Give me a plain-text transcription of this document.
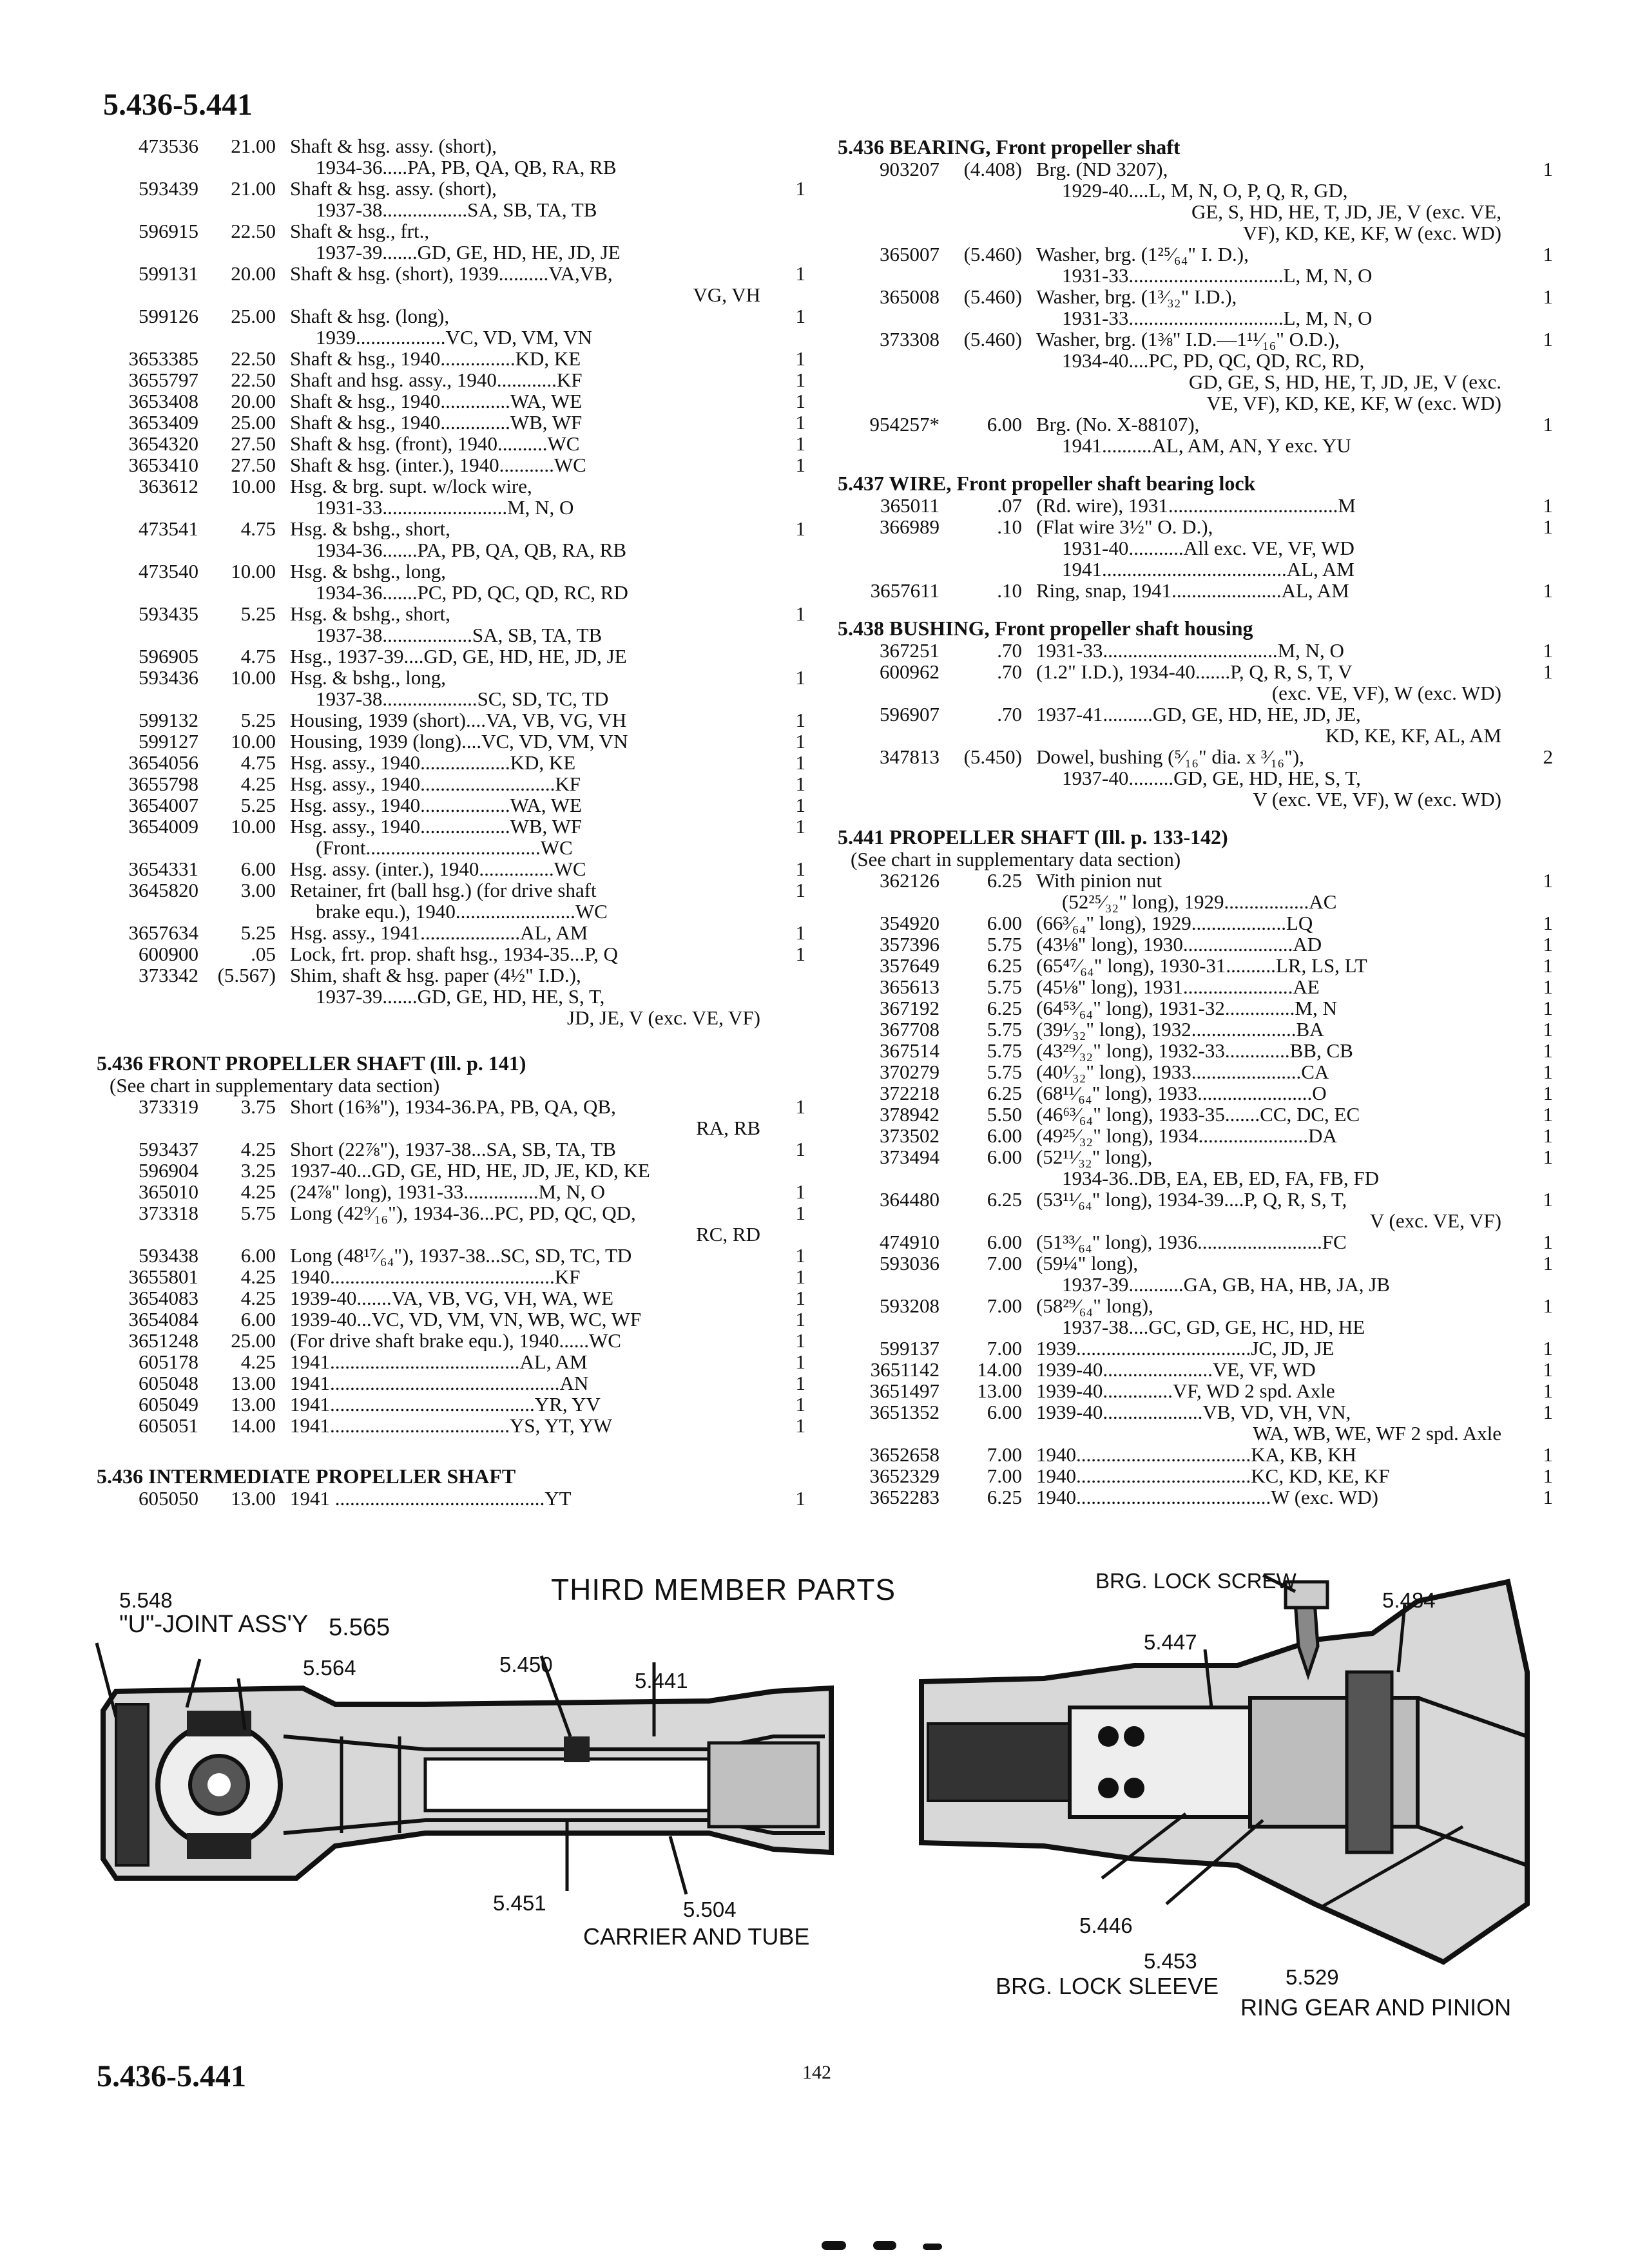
5.436-5.441
473536	21.00 Shaft & hsg. assy. (short),
1934-36.....PA, PB, QA, QB, RA, RB
593439	21.00 Shaft & hsg. assy. (short),
1937-38.................SA, SB, TA, TB
1
596915	22.50 Shaft & hsg., frt.,
1937-39.......GD, GE, HD, HE, JD, JE
599131	20.00 Shaft & hsg. (short), 1939..........VA,VB,
VG, VH
1
599126	25.00 Shaft & hsg. (long),
1939..................VC, VD, VM, VN
1
3653385	22.50 Shaft & hsg., 1940...............KD, KE	1
3655797	22.50 Shaft and hsg. assy., 1940............KF	1
3653408	20.00 Shaft & hsg., 1940..............WA, WE	1
3653409	25.00 Shaft & hsg., 1940..............WB, WF	1
3654320	27.50 Shaft & hsg. (front), 1940..........WC	1
3653410	27.50 Shaft & hsg. (inter.), 1940...........WC	1
363612	10.00 Hsg. & brg. supt. w/lock wire,
1931-33.........................M, N, O
473541	4.75 Hsg. & bshg., short,
1934-36.......PA, PB, QA, QB, RA, RB
1
473540	10.00 Hsg. & bshg., long,
1934-36.......PC, PD, QC, QD, RC, RD
593435	5.25 Hsg. & bshg., short,
1937-38..................SA, SB, TA, TB
1
596905	4.75 Hsg., 1937-39....GD, GE, HD, HE, JD, JE
593436	10.00 Hsg. & bshg., long,
1937-38...................SC, SD, TC, TD
1
599132	5.25 Housing, 1939 (short)....VA, VB, VG, VH	1
599127	10.00 Housing, 1939 (long)....VC, VD, VM, VN	1
3654056	4.75 Hsg. assy., 1940..................KD, KE	1
3655798	4.25 Hsg. assy., 1940...........................KF	1
3654007	5.25 Hsg. assy., 1940..................WA, WE	1
3654009	10.00 Hsg. assy., 1940..................WB, WF
(Front...................................WC
1
3654331	6.00 Hsg. assy. (inter.), 1940...............WC	1
3645820	3.00 Retainer, frt (ball hsg.) (for drive shaft
brake equ.), 1940........................WC
1
3657634	5.25 Hsg. assy., 1941....................AL, AM	1
600900	.05 Lock, frt. prop. shaft hsg., 1934-35...P, Q	1
373342 (5.567) Shim, shaft & hsg. paper (4½" I.D.),
1937-39.......GD, GE, HD, HE, S, T,
JD, JE, V (exc. VE, VF)
5.436 FRONT PROPELLER SHAFT (Ill. p. 141)
(See chart in supplementary data section)
373319	3.75 Short (16⅜"), 1934-36.PA, PB, QA, QB,
RA, RB
1
593437	4.25 Short (22⅞"), 1937-38...SA, SB, TA, TB	1
596904	3.25 1937-40...GD, GE, HD, HE, JD, JE, KD, KE
365010	4.25 (24⅞" long), 1931-33...............M, N, O	1
373318	5.75 Long (42⁹⁄₁₆"), 1934-36...PC, PD, QC, QD,
RC, RD
1
593438	6.00 Long (48¹⁷⁄₆₄"), 1937-38...SC, SD, TC, TD	1
3655801	4.25 1940.............................................KF	1
3654083	4.25 1939-40.......VA, VB, VG, VH, WA, WE	1
3654084	6.00 1939-40...VC, VD, VM, VN, WB, WC, WF	1
3651248	25.00 (For drive shaft brake equ.), 1940......WC	1
605178	4.25 1941......................................AL, AM	1
605048	13.00 1941..............................................AN	1
605049	13.00 1941.........................................YR, YV	1
605051	14.00 1941....................................YS, YT, YW	1
5.436 INTERMEDIATE PROPELLER SHAFT
605050	13.00 1941 ..........................................YT	1
5.436 BEARING, Front propeller shaft
903207	(4.408) Brg. (ND 3207),
1929-40....L, M, N, O, P, Q, R, GD,
GE, S, HD, HE, T, JD, JE, V (exc. VE,
VF), KD, KE, KF, W (exc. WD)
1
365007	(5.460) Washer, brg. (1²⁵⁄₆₄" I. D.),
1931-33...............................L, M, N, O
1
365008	(5.460) Washer, brg. (1³⁄₃₂" I.D.),
1931-33...............................L, M, N, O
1
373308	(5.460) Washer, brg. (1⅜" I.D.—1¹¹⁄₁₆" O.D.),
1934-40....PC, PD, QC, QD, RC, RD,
GD, GE, S, HD, HE, T, JD, JE, V (exc.
VE, VF), KD, KE, KF, W (exc. WD)
1
954257*	6.00 Brg. (No. X-88107),
1941..........AL, AM, AN, Y exc. YU
1
5.437 WIRE, Front propeller shaft bearing lock
365011	.07 (Rd. wire), 1931..................................M	1
366989	.10 (Flat wire 3½" O. D.),
1931-40...........All exc. VE, VF, WD
1941.....................................AL, AM
1
3657611	.10 Ring, snap, 1941......................AL, AM	1
5.438 BUSHING, Front propeller shaft housing
367251	.70 1931-33...................................M, N, O	1
600962	.70 (1.2" I.D.), 1934-40.......P, Q, R, S, T, V
(exc. VE, VF), W (exc. WD)
1
596907	.70 1937-41..........GD, GE, HD, HE, JD, JE,
KD, KE, KF, AL, AM
347813	(5.450) Dowel, bushing (⁵⁄₁₆" dia. x ³⁄₁₆"),
1937-40.........GD, GE, HD, HE, S, T,
V (exc. VE, VF), W (exc. WD)
2
5.441 PROPELLER SHAFT (Ill. p. 133-142)
(See chart in supplementary data section)
362126	6.25 With pinion nut
(52²⁵⁄₃₂" long), 1929.................AC
1
354920	6.00 (66³⁄₆₄" long), 1929...................LQ	1
357396	5.75 (43⅛" long), 1930......................AD	1
357649	6.25 (65⁴⁷⁄₆₄" long), 1930-31..........LR, LS, LT	1
365613	5.75 (45⅛" long), 1931......................AE	1
367192	6.25 (64⁵³⁄₆₄" long), 1931-32..............M, N	1
367708	5.75 (39¹⁄₃₂" long), 1932.....................BA	1
367514	5.75 (43²⁹⁄₃₂" long), 1932-33.............BB, CB	1
370279	5.75 (40¹⁄₃₂" long), 1933......................CA	1
372218	6.25 (68¹¹⁄₆₄" long), 1933.......................O	1
378942	5.50 (46⁶³⁄₆₄" long), 1933-35.......CC, DC, EC	1
373502	6.00 (49²⁵⁄₃₂" long), 1934......................DA	1
373494	6.00 (52¹¹⁄₃₂" long),
1934-36..DB, EA, EB, ED, FA, FB, FD
1
364480	6.25 (53¹¹⁄₆₄" long), 1934-39....P, Q, R, S, T,
V (exc. VE, VF)
1
474910	6.00 (51³³⁄₆₄" long), 1936.........................FC	1
593036	7.00 (59¼" long),
1937-39...........GA, GB, HA, HB, JA, JB
1
593208	7.00 (58²⁹⁄₆₄" long),
1937-38....GC, GD, GE, HC, HD, HE
1
599137	7.00 1939...................................JC, JD, JE	1
3651142	14.00 1939-40......................VE, VF, WD	1
3651497	13.00 1939-40..............VF, WD 2 spd. Axle	1
3651352	6.00 1939-40....................VB, VD, VH, VN,
WA, WB, WE, WF 2 spd. Axle
1
3652658	7.00 1940...................................KA, KB, KH	1
3652329	7.00 1940...................................KC, KD, KE, KF	1
3652283	6.25 1940.......................................W (exc. WD)	1
THIRD MEMBER PARTS
5.548
"U"-JOINT ASS'Y 5.565
5.564	5.450
5.441
5.451	5.504
CARRIER AND TUBE
BRG. LOCK SCREW
5.484
5.447
5.446
5.453
BRG. LOCK SLEEVE	5.529
RING GEAR AND PINION
5.436-5.441	142
